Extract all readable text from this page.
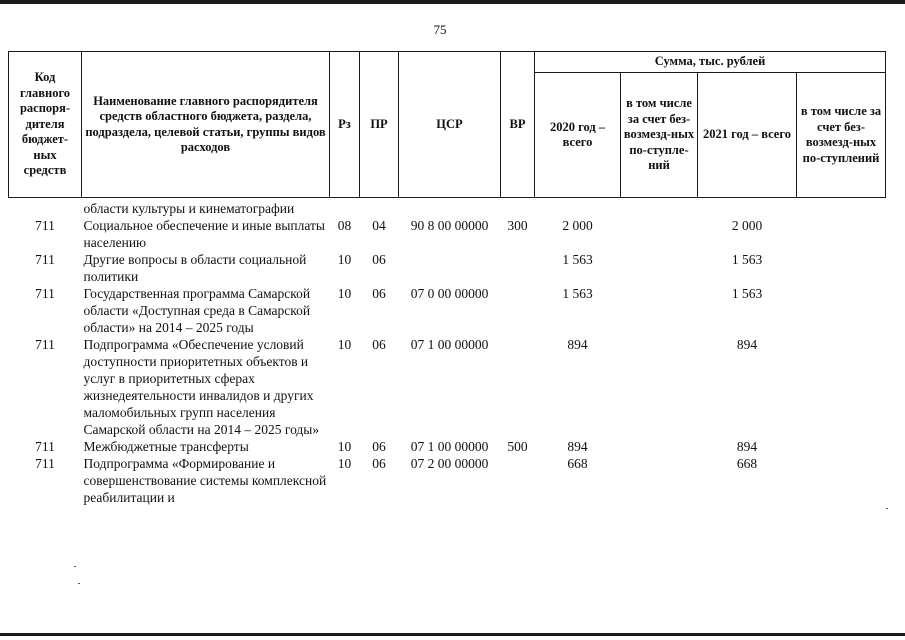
75
Код главного распоря-дителя бюджет-ных средств	Наименование главного распорядителя средств областного бюджета, раздела, подраздела, целевой статьи, группы видов расходов	Рз	ПР	ЦСР	ВР	Сумма, тыс. рублей			
						2020 год – всего	в том числе за счет без-возмезд-ных по-ступле-ний	2021 год – всего	в том числе за счет без-возмезд-ных по-ступлений
	области культуры и кинематографии								
711	Социальное обеспечение и иные выплаты населению	08	04	90 8 00 00000	300	2 000		2 000	
711	Другие вопросы в области социальной политики	10	06			1 563		1 563	
711	Государственная программа Самарской области «Доступная среда в Самарской области» на 2014 – 2025 годы	10	06	07 0 00 00000		1 563		1 563	
711	Подпрограмма «Обеспечение условий доступности приоритетных объектов и услуг в приоритетных сферах жизнедеятельности инвалидов и других маломобильных групп населения Самарской области на 2014 – 2025 годы»	10	06	07 1 00 00000		894		894	
711	Межбюджетные трансферты	10	06	07 1 00 00000	500	894		894	
711	Подпрограмма «Формирование и совершенствование системы комплексной реабилитации и	10	06	07 2 00 00000		668		668	
